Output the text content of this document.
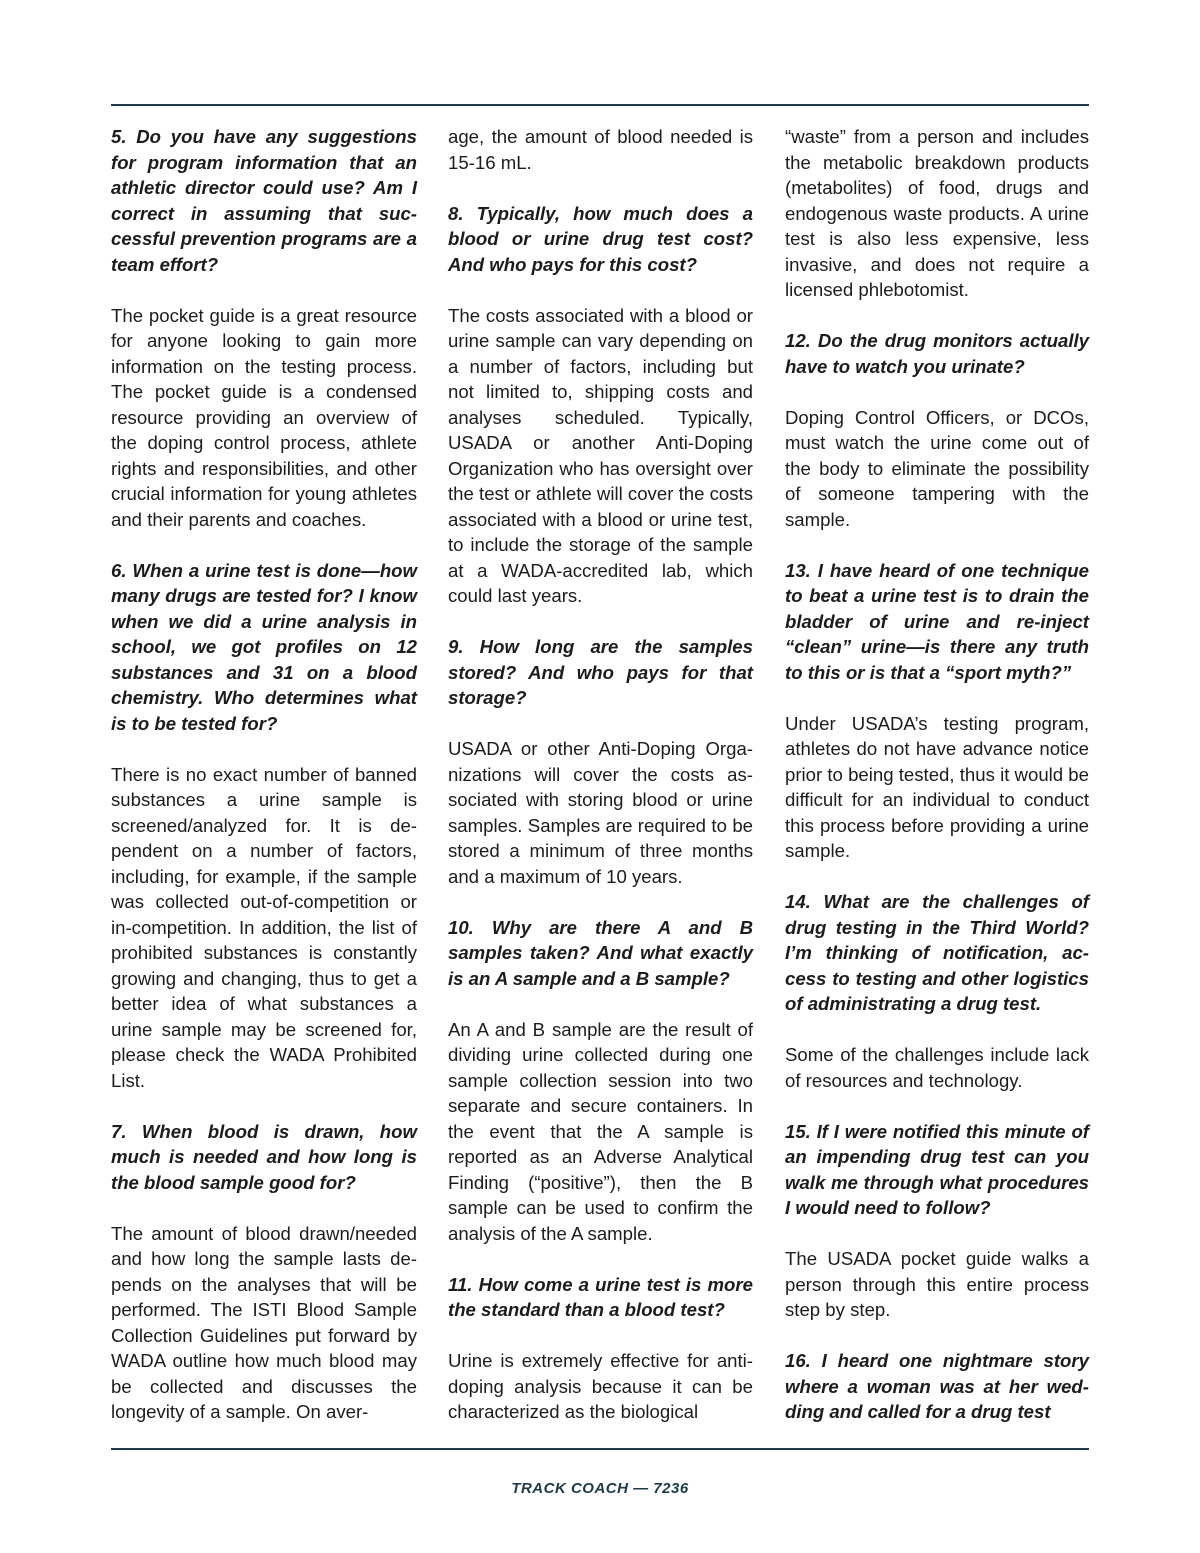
5. Do you have any suggestions for program information that an athletic director could use? Am I correct in assuming that successful prevention programs are a team effort?

The pocket guide is a great resource for anyone looking to gain more information on the testing process. The pocket guide is a condensed resource providing an overview of the doping control process, athlete rights and responsibilities, and other crucial information for young athletes and their parents and coaches.

6. When a urine test is done—how many drugs are tested for? I know when we did a urine analysis in school, we got profiles on 12 substances and 31 on a blood chemistry. Who determines what is to be tested for?

There is no exact number of banned substances a urine sample is screened/analyzed for. It is dependent on a number of factors, including, for example, if the sample was collected out-of-competition or in-competition. In addition, the list of prohibited substances is constantly growing and changing, thus to get a better idea of what substances a urine sample may be screened for, please check the WADA Prohibited List.

7. When blood is drawn, how much is needed and how long is the blood sample good for?

The amount of blood drawn/needed and how long the sample lasts depends on the analyses that will be performed. The ISTI Blood Sample Collection Guidelines put forward by WADA outline how much blood may be collected and discusses the longevity of a sample. On aver-

age, the amount of blood needed is 15-16 mL.

8. Typically, how much does a blood or urine drug test cost? And who pays for this cost?

The costs associated with a blood or urine sample can vary depending on a number of factors, including but not limited to, shipping costs and analyses scheduled. Typically, USADA or another Anti-Doping Organization who has oversight over the test or athlete will cover the costs associated with a blood or urine test, to include the storage of the sample at a WADA-accredited lab, which could last years.

9. How long are the samples stored? And who pays for that storage?

USADA or other Anti-Doping Organizations will cover the costs associated with storing blood or urine samples. Samples are required to be stored a minimum of three months and a maximum of 10 years.

10. Why are there A and B samples taken? And what exactly is an A sample and a B sample?

An A and B sample are the result of dividing urine collected during one sample collection session into two separate and secure containers. In the event that the A sample is reported as an Adverse Analytical Finding (“positive”), then the B sample can be used to confirm the analysis of the A sample.

11. How come a urine test is more the standard than a blood test?

Urine is extremely effective for anti-doping analysis because it can be characterized as the biological

“waste” from a person and includes the metabolic breakdown products (metabolites) of food, drugs and endogenous waste products. A urine test is also less expensive, less invasive, and does not require a licensed phlebotomist.

12. Do the drug monitors actually have to watch you urinate?

Doping Control Officers, or DCOs, must watch the urine come out of the body to eliminate the possibility of someone tampering with the sample.

13. I have heard of one technique to beat a urine test is to drain the bladder of urine and re-inject “clean” urine—is there any truth to this or is that a “sport myth?”

Under USADA’s testing program, athletes do not have advance notice prior to being tested, thus it would be difficult for an individual to conduct this process before providing a urine sample.

14. What are the challenges of drug testing in the Third World? I’m thinking of notification, access to testing and other logistics of administrating a drug test.

Some of the challenges include lack of resources and technology.

15. If I were notified this minute of an impending drug test can you walk me through what procedures I would need to follow?

The USADA pocket guide walks a person through this entire process step by step.

16. I heard one nightmare story where a woman was at her wedding and called for a drug test

TRACK COACH — 7236
